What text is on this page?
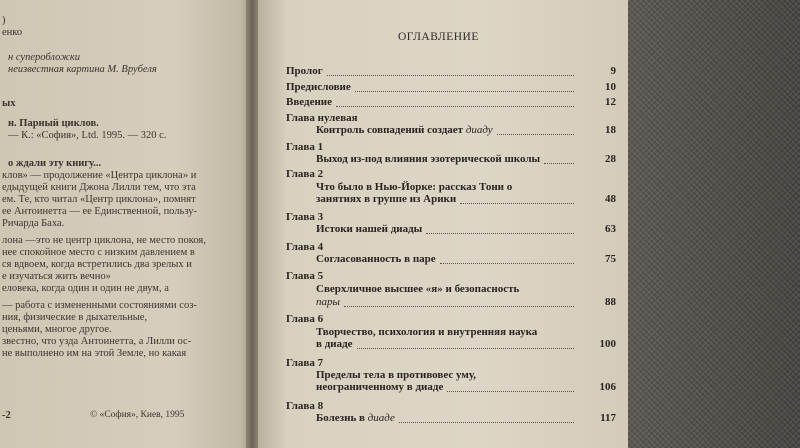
)
енко
н суперобложки
неизвестная картина М. Врубеля
ых
н. Парный циклов.
— К.: «София», Ltd. 1995. — 320 с.
о ждали эту книгу...
клов» — продолжение «Центра циклона» и
едыдущей книги Джона Лилли тем, что эта
ем. Те, кто читал «Центр циклона», помнят
ее Антоинетта — ее Единственной, пользу-
Ричарда Баха.
лона —это не центр циклона, не место покоя,
нее спокойное место с низким давлением в
ся вдвоем, когда встретились два зрелых и
е изучаться жить вечно»
еловека, когда один и один не двум, а
— работа с измененными состояниями соз-
ния, физические в дыхательные,
ценьями, многое другое.
звестно, что узда Антоинетта, а Лилли ос-
не выполнено им на этой Земле, но какая
-2	© «София», Киев, 1995
ОГЛАВЛЕНИЕ
Пролог	9
Предисловие	10
Введение	12
Глава нулевая
Контроль совпадений создает диаду	18
Глава 1
Выход из-под влияния эзотерической школы	28
Глава 2
Что было в Нью-Йорке: рассказ Тони о
занятиях в группе из Арики	48
Глава 3
Истоки нашей диады	63
Глава 4
Согласованность в паре	75
Глава 5
Сверхличное высшее «я» и безопасность
пары	88
Глава 6
Творчество, психология и внутренняя наука
в диаде	100
Глава 7
Пределы тела в противовес уму,
неограниченному в диаде	106
Глава 8
Болезнь в диаде	117
